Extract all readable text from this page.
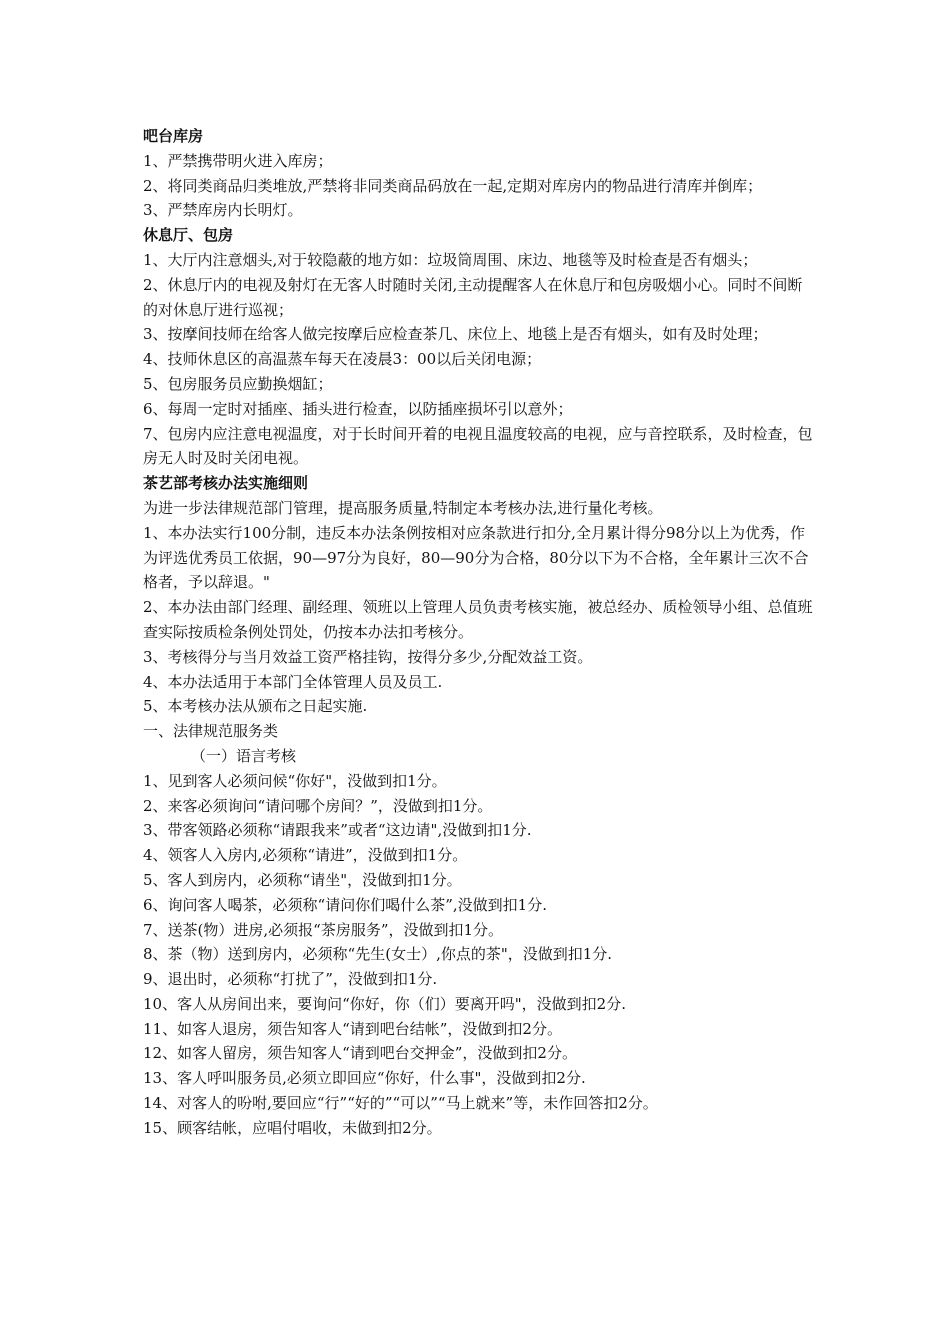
吧台库房

1、严禁携带明火进入库房；

2、将同类商品归类堆放,严禁将非同类商品码放在一起,定期对库房内的物品进行清库并倒库；

3、严禁库房内长明灯。

休息厅、包房

1、大厅内注意烟头,对于较隐蔽的地方如：垃圾筒周围、床边、地毯等及时检查是否有烟头；

2、休息厅内的电视及射灯在无客人时随时关闭,主动提醒客人在休息厅和包房吸烟小心。同时不间断的对休息厅进行巡视；

3、按摩间技师在给客人做完按摩后应检查茶几、床位上、地毯上是否有烟头，如有及时处理；

4、技师休息区的高温蒸车每天在凌晨3：00以后关闭电源；

5、包房服务员应勤换烟缸；

6、每周一定时对插座、插头进行检查，以防插座损坏引以意外；

7、包房内应注意电视温度，对于长时间开着的电视且温度较高的电视，应与音控联系，及时检查，包房无人时及时关闭电视。

茶艺部考核办法实施细则

为进一步法律规范部门管理，提高服务质量,特制定本考核办法,进行量化考核。

1、本办法实行100分制，违反本办法条例按相对应条款进行扣分,全月累计得分98分以上为优秀，作为评选优秀员工依据，90—97分为良好，80—90分为合格，80分以下为不合格，全年累计三次不合格者，予以辞退。"

2、本办法由部门经理、副经理、领班以上管理人员负责考核实施，被总经办、质检领导小组、总值班查实际按质检条例处罚处，仍按本办法扣考核分。

3、考核得分与当月效益工资严格挂钩，按得分多少,分配效益工资。

4、本办法适用于本部门全体管理人员及员工.

5、本考核办法从颁布之日起实施.

一、法律规范服务类

（一）语言考核

1、见到客人必须问候“你好"，没做到扣1分。

2、来客必须询问“请问哪个房间？”，没做到扣1分。

3、带客领路必须称“请跟我来”或者“这边请",没做到扣1分.

4、领客人入房内,必须称“请进”，没做到扣1分。

5、客人到房内，必须称“请坐"，没做到扣1分。

6、询问客人喝茶，必须称“请问你们喝什么茶”,没做到扣1分.

7、送茶(物）进房,必须报“茶房服务”，没做到扣1分。

8、茶（物）送到房内，必须称“先生(女士）,你点的茶"，没做到扣1分.

9、退出时，必须称“打扰了”，没做到扣1分.

10、客人从房间出来，要询问“你好，你（们）要离开吗"，没做到扣2分.

11、如客人退房，须告知客人“请到吧台结帐”，没做到扣2分。

12、如客人留房，须告知客人“请到吧台交押金”，没做到扣2分。

13、客人呼叫服务员,必须立即回应“你好，什么事"，没做到扣2分.

14、对客人的吩咐,要回应“行”“好的”“可以”“马上就来”等，未作回答扣2分。

15、顾客结帐，应唱付唱收，未做到扣2分。
